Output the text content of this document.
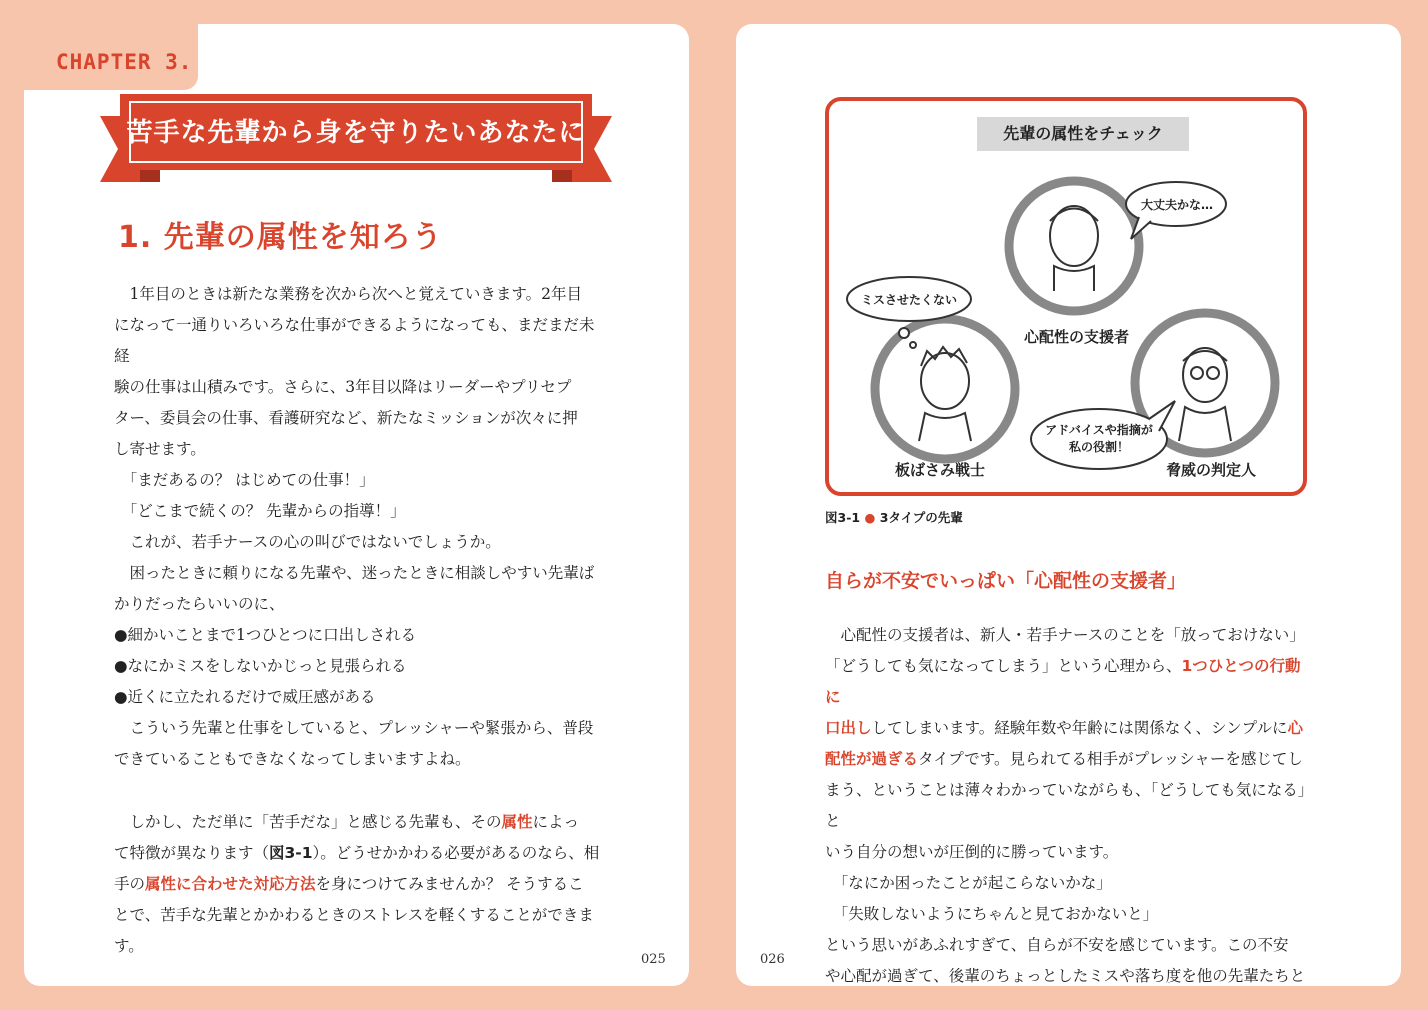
CHAPTER 3.
苦手な先輩から身を守りたいあなたに
1. 先輩の属性を知ろう

　1年目のときは新たな業務を次から次へと覚えていきます。2年目

になって一通りいろいろな仕事ができるようになっても、まだまだ未経

験の仕事は山積みです。さらに、3年目以降はリーダーやプリセプ

ター、委員会の仕事、看護研究など、新たなミッションが次々に押

し寄せます。

　「まだあるの？ はじめての仕事！」

　「どこまで続くの？ 先輩からの指導！」

　これが、若手ナースの心の叫びではないでしょうか。

　困ったときに頼りになる先輩や、迷ったときに相談しやすい先輩ば

かりだったらいいのに、

●細かいことまで1つひとつに口出しされる

●なにかミスをしないかじっと見張られる

●近くに立たれるだけで威圧感がある

　こういう先輩と仕事をしていると、プレッシャーや緊張から、普段

できていることもできなくなってしまいますよね。

　しかし、ただ単に「苦手だな」と感じる先輩も、その属性によっ

て特徴が異なります（図3-1）。どうせかかわる必要があるのなら、相

手の属性に合わせた対応方法を身につけてみませんか？ そうするこ

とで、苦手な先輩とかかわるときのストレスを軽くすることができます。

025
先輩の属性をチェック
大丈夫かな…
ミスさせたくない
アドバイスや指摘が
私の役割！
心配性の支援者
板ばさみ戦士	脅威の判定人
図3-1 ● 3タイプの先輩
自らが不安でいっぱい「心配性の支援者」

　心配性の支援者は、新人・若手ナースのことを「放っておけない」

「どうしても気になってしまう」という心理から、1つひとつの行動に

口出ししてしまいます。経験年数や年齢には関係なく、シンプルに心

配性が過ぎるタイプです。見られてる相手がプレッシャーを感じてし

まう、ということは薄々わかっていながらも、「どうしても気になる」と

いう自分の想いが圧倒的に勝っています。

　「なにか困ったことが起こらないかな」

　「失敗しないようにちゃんと見ておかないと」

という思いがあふれすぎて、自らが不安を感じています。この不安

や心配が過ぎて、後輩のちょっとしたミスや落ち度を他の先輩たちと

026
